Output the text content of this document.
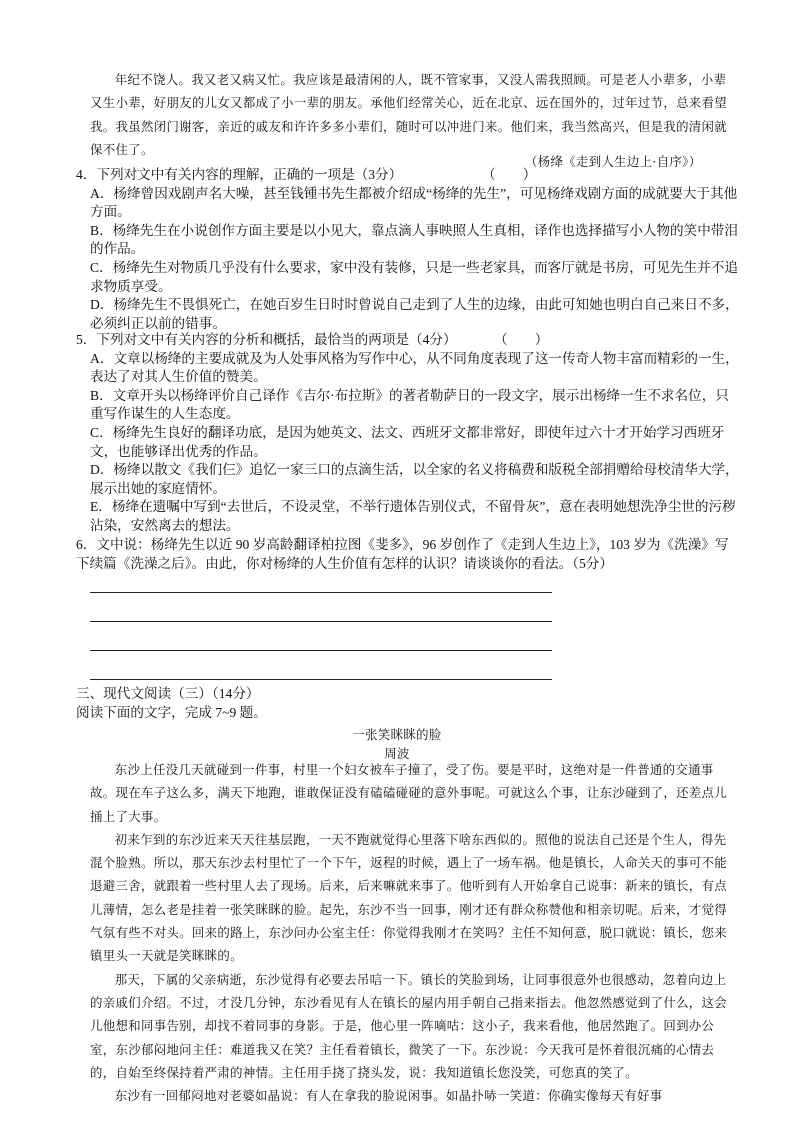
年纪不饶人。我又老又病又忙。我应该是最清闲的人，既不管家事，又没人需我照顾。可是老人小辈多，小辈又生小辈，好朋友的儿女又都成了小一辈的朋友。承他们经常关心，近在北京、远在国外的，过年过节，总来看望我。我虽然闭门谢客，亲近的戚友和许许多多小辈们，随时可以冲进门来。他们来，我当然高兴，但是我的清闲就保不住了。

（杨绛《走到人生边上·自序》）
4．下列对文中有关内容的理解，正确的一项是（3分）	（　　）

A．杨绛曾因戏剧声名大噪，甚至钱锺书先生都被介绍成“杨绛的先生”，可见杨绛戏剧方面的成就要大于其他方面。

B．杨绛先生在小说创作方面主要是以小见大，靠点滴人事映照人生真相，译作也选择描写小人物的笑中带泪的作品。

C．杨绛先生对物质几乎没有什么要求，家中没有装修，只是一些老家具，而客厅就是书房，可见先生并不追求物质享受。

D．杨绛先生不畏惧死亡，在她百岁生日时时曾说自己走到了人生的边缘，由此可知她也明白自己来日不多，必须纠正以前的错事。

5．下列对文中有关内容的分析和概括，最恰当的两项是（4分）	（　　）

A．文章以杨绛的主要成就及为人处事风格为写作中心，从不同角度表现了这一传奇人物丰富而精彩的一生，表达了对其人生价值的赞美。

B．文章开头以杨绛评价自己译作《吉尔·布拉斯》的著者勒萨日的一段文字，展示出杨绛一生不求名位，只重写作谋生的人生态度。

C．杨绛先生良好的翻译功底，是因为她英文、法文、西班牙文都非常好，即使年过六十才开始学习西班牙文，也能够译出优秀的作品。

D．杨绛以散文《我们仨》追忆一家三口的点滴生活，以全家的名义将稿费和版税全部捐赠给母校清华大学，展示出她的家庭情怀。

E．杨绛在遗嘱中写到“去世后，不设灵堂，不举行遗体告别仪式，不留骨灰”，意在表明她想洗净尘世的污秽沾染，安然离去的想法。

6．文中说：杨绛先生以近 90 岁高龄翻译柏拉图《斐多》，96 岁创作了《走到人生边上》，103 岁为《洗澡》写下续篇《洗澡之后》。由此，你对杨绛的人生价值有怎样的认识？请谈谈你的看法。（5分）

三、现代文阅读（三）（14分）

阅读下面的文字，完成 7~9 题。

一张笑眯眯的脸
周波

东沙上任没几天就碰到一件事，村里一个妇女被车子撞了，受了伤。要是平时，这绝对是一件普通的交通事故。现在车子这么多，满天下地跑，谁敢保证没有磕磕碰碰的意外事呢。可就这么个事，让东沙碰到了，还差点儿捅上了大事。

初来乍到的东沙近来天天往基层跑，一天不跑就觉得心里落下啥东西似的。照他的说法自己还是个生人，得先混个脸熟。所以，那天东沙去村里忙了一个下午，返程的时候，遇上了一场车祸。他是镇长，人命关天的事可不能退避三舍，就跟着一些村里人去了现场。后来，后来嘛就来事了。他听到有人开始拿自己说事：新来的镇长，有点儿薄情，怎么老是挂着一张笑眯眯的脸。起先，东沙不当一回事，刚才还有群众称赞他和相亲切呢。后来，才觉得气氛有些不对头。回来的路上，东沙问办公室主任：你觉得我刚才在笑吗？主任不知何意，脱口就说：镇长，您来镇里头一天就是笑眯眯的。

那天，下属的父亲病逝，东沙觉得有必要去吊唁一下。镇长的笑脸到场，让同事很意外也很感动，忽着向边上的亲戚们介绍。不过，才没几分钟，东沙看见有人在镇长的屋内用手朝自己指来指去。他忽然感觉到了什么，这会儿他想和同事告别，却找不着同事的身影。于是，他心里一阵嘀咕：这小子，我来看他，他居然跑了。回到办公室，东沙郁闷地问主任：难道我又在笑？主任看着镇长，微笑了一下。东沙说：今天我可是怀着很沉痛的心情去的，自始至终保持着严肃的神情。主任用手挠了挠头发，说：我知道镇长您没笑，可您真的笑了。

东沙有一回郁闷地对老婆如晶说：有人在拿我的脸说闲事。如晶扑哧一笑道：你确实像每天有好事
